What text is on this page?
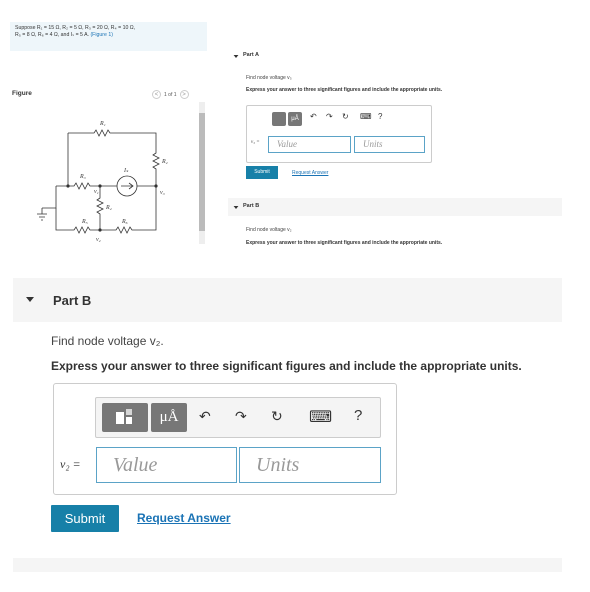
Suppose R₁ = 15 Ω, R₂ = 5 Ω, R₃ = 20 Ω, R₄ = 10 Ω,
R₅ = 8 Ω, R₆ = 4 Ω, and Iₛ = 5 A. (Figure 1)
Figure	<	1 of 1 >
R₁
R₂
R₃
R₄
R₅	R₆
v₁
v₂
v₃
Iₛ
Part A
Find node voltage v₃
Express your answer to three significant figures and include the appropriate units.
μÅ	↶ ↷ ↻ ⌨ ?
v₃ =	Value	Units
Submit	Request Answer
Part B
Find node voltage v₂
Express your answer to three significant figures and include the appropriate units.
Part B
Find node voltage v₂.
Express your answer to three significant figures and include the appropriate units.
μÅ	↶ ↷ ↻ ⌨ ?
v₂ =	Value	Units
Submit	Request Answer
